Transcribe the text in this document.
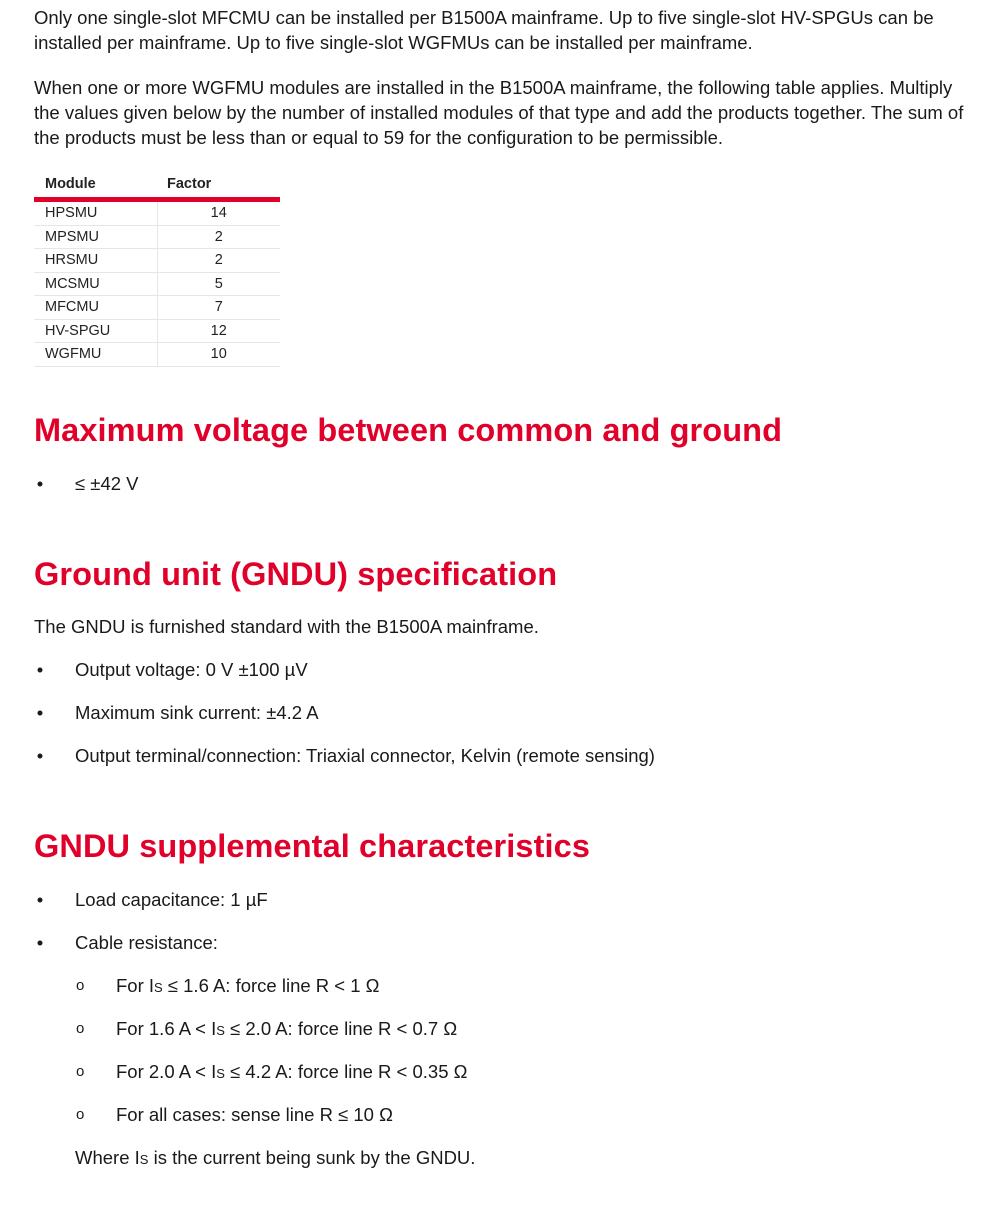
Only one single-slot MFCMU can be installed per B1500A mainframe. Up to five single-slot HV-SPGUs can be installed per mainframe. Up to five single-slot WGFMUs can be installed per mainframe.

When one or more WGFMU modules are installed in the B1500A mainframe, the following table applies. Multiply the values given below by the number of installed modules of that type and add the products together. The sum of the products must be less than or equal to 59 for the configuration to be permissible.

Module	Factor
HPSMU	14
MPSMU	2
HRSMU	2
MCSMU	5
MFCMU	7
HV-SPGU	12
WGFMU	10
Maximum voltage between common and ground
• ≤ ±42 V
Ground unit (GNDU) specification
The GNDU is furnished standard with the B1500A mainframe.
• Output voltage: 0 V ±100 µV
• Maximum sink current: ±4.2 A
• Output terminal/connection: Triaxial connector, Kelvin (remote sensing)
GNDU supplemental characteristics
• Load capacitance: 1 µF
• Cable resistance:
o For IS ≤ 1.6 A: force line R < 1 Ω
o For 1.6 A < IS ≤ 2.0 A: force line R < 0.7 Ω
o For 2.0 A < IS ≤ 4.2 A: force line R < 0.35 Ω
o For all cases: sense line R ≤ 10 Ω
Where IS is the current being sunk by the GNDU.
